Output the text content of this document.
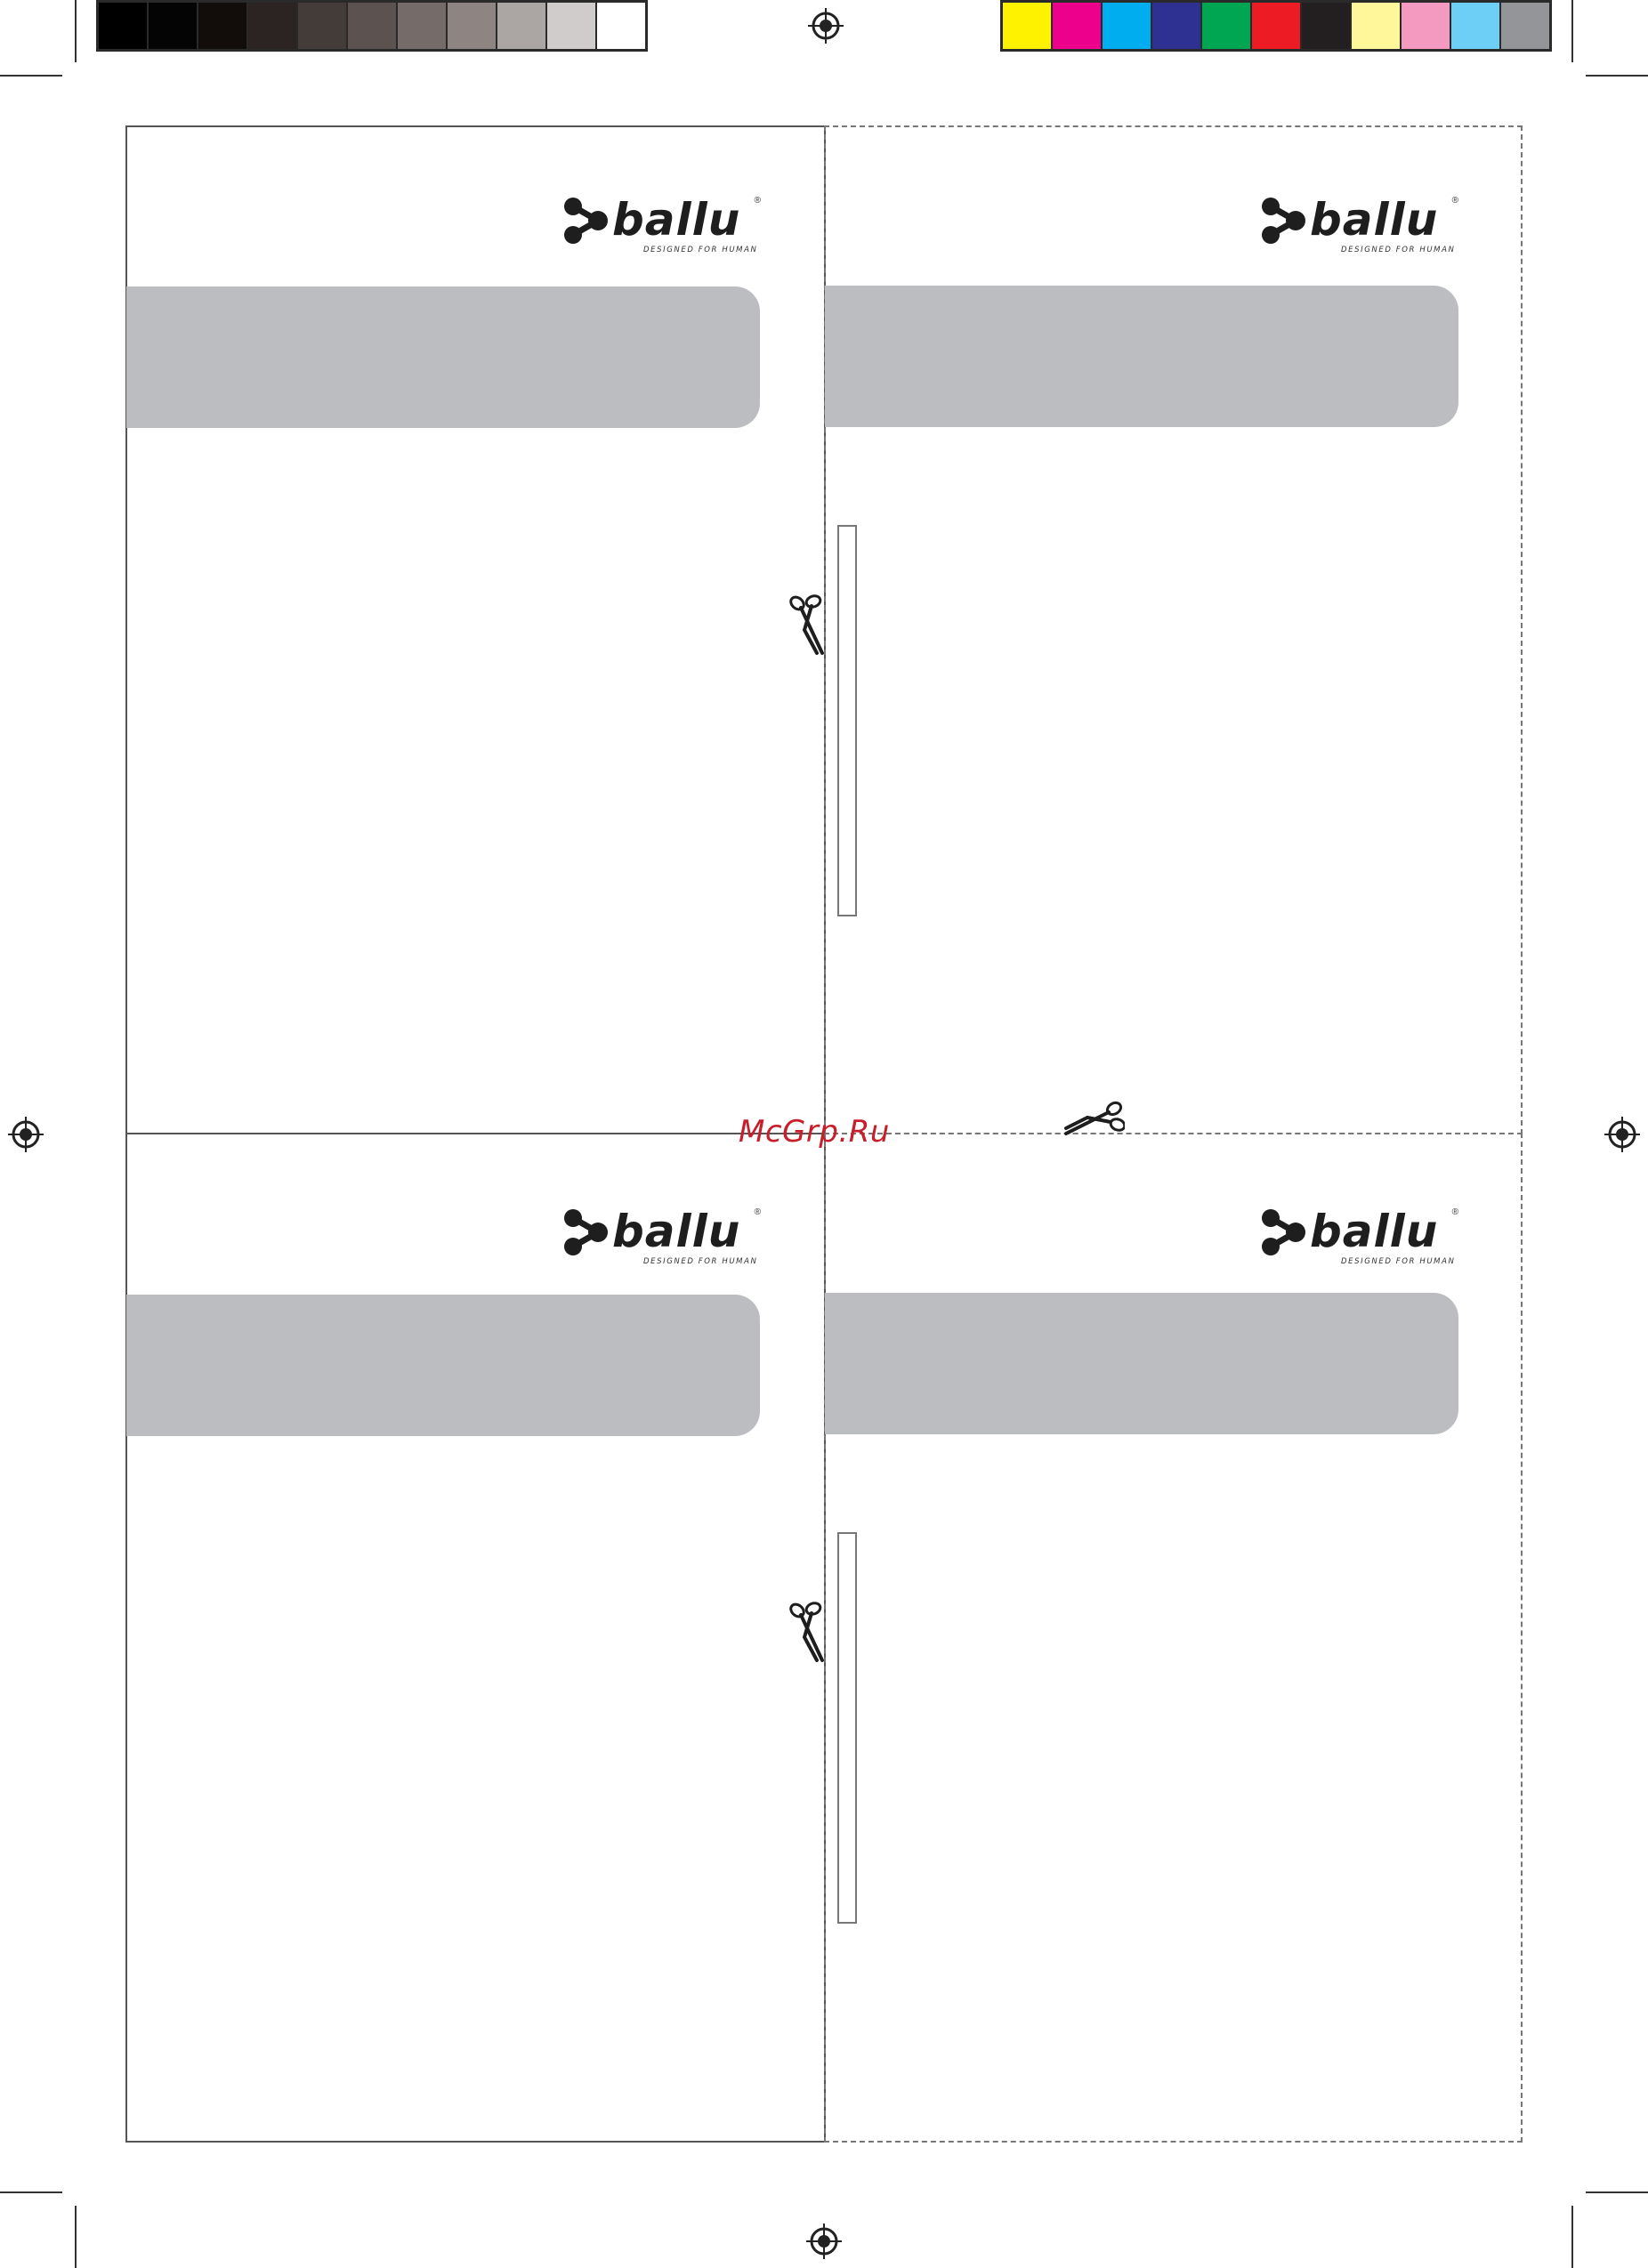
ballu ®
DESIGNED FOR HUMAN
ballu ®
DESIGNED FOR HUMAN
ballu ®
DESIGNED FOR HUMAN
ballu ®
DESIGNED FOR HUMAN
McGrp.Ru
